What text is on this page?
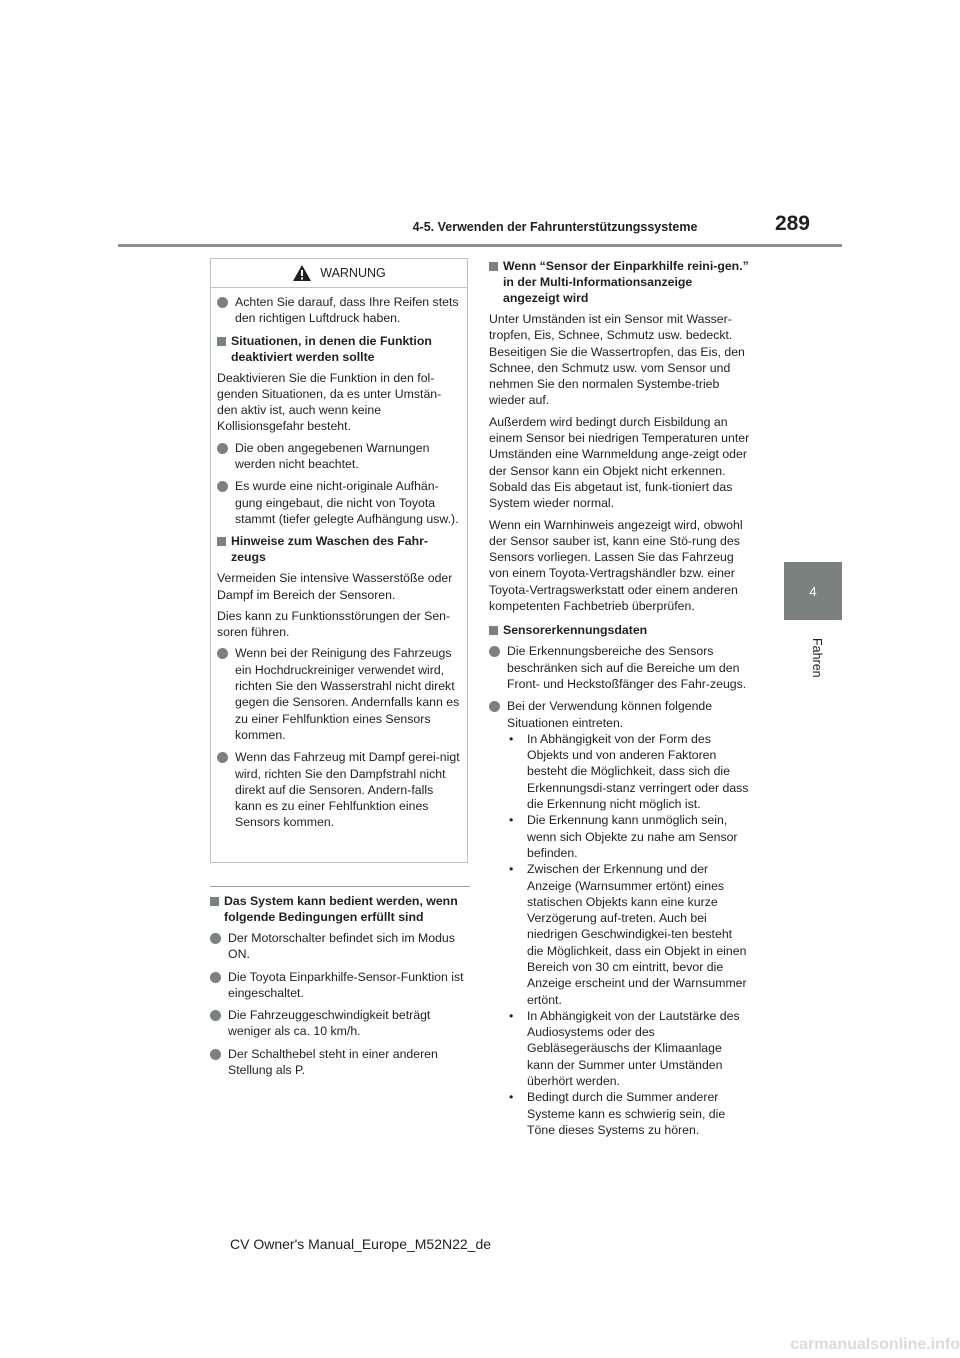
4-5. Verwenden der Fahrunterstützungssysteme	289
4
Fahren
WARNUNG
Achten Sie darauf, dass Ihre Reifen stets den richtigen Luftdruck haben.
Situationen, in denen die Funktion deaktiviert werden sollte

Deaktivieren Sie die Funktion in den fol-genden Situationen, da es unter Umstän-den aktiv ist, auch wenn keine Kollisionsgefahr besteht.

Die oben angegebenen Warnungen werden nicht beachtet.
Es wurde eine nicht-originale Aufhän-gung eingebaut, die nicht von Toyota stammt (tiefer gelegte Aufhängung usw.).
Hinweise zum Waschen des Fahr-zeugs

Vermeiden Sie intensive Wasserstöße oder Dampf im Bereich der Sensoren.

Dies kann zu Funktionsstörungen der Sen-soren führen.

Wenn bei der Reinigung des Fahrzeugs ein Hochdruckreiniger verwendet wird, richten Sie den Wasserstrahl nicht direkt gegen die Sensoren. Andernfalls kann es zu einer Fehlfunktion eines Sensors kommen.
Wenn das Fahrzeug mit Dampf gerei-nigt wird, richten Sie den Dampfstrahl nicht direkt auf die Sensoren. Andern-falls kann es zu einer Fehlfunktion eines Sensors kommen.
Das System kann bedient werden, wenn folgende Bedingungen erfüllt sind
Der Motorschalter befindet sich im Modus ON.
Die Toyota Einparkhilfe-Sensor-Funktion ist eingeschaltet.
Die Fahrzeuggeschwindigkeit beträgt weniger als ca. 10 km/h.
Der Schalthebel steht in einer anderen Stellung als P.
Wenn “Sensor der Einparkhilfe reini-gen.” in der Multi-Informationsanzeige angezeigt wird

Unter Umständen ist ein Sensor mit Wasser-tropfen, Eis, Schnee, Schmutz usw. bedeckt. Beseitigen Sie die Wassertropfen, das Eis, den Schnee, den Schmutz usw. vom Sensor und nehmen Sie den normalen Systembe-trieb wieder auf.

Außerdem wird bedingt durch Eisbildung an einem Sensor bei niedrigen Temperaturen unter Umständen eine Warnmeldung ange-zeigt oder der Sensor kann ein Objekt nicht erkennen. Sobald das Eis abgetaut ist, funk-tioniert das System wieder normal.

Wenn ein Warnhinweis angezeigt wird, obwohl der Sensor sauber ist, kann eine Stö-rung des Sensors vorliegen. Lassen Sie das Fahrzeug von einem Toyota-Vertragshändler bzw. einer Toyota-Vertragswerkstatt oder einem anderen kompetenten Fachbetrieb überprüfen.

Sensorerkennungsdaten
Die Erkennungsbereiche des Sensors beschränken sich auf die Bereiche um den Front- und Heckstoßfänger des Fahr-zeugs.
Bei der Verwendung können folgende Situationen eintreten.
•	In Abhängigkeit von der Form des Objekts und von anderen Faktoren besteht die Möglichkeit, dass sich die Erkennungsdi-stanz verringert oder dass die Erkennung nicht möglich ist.
•	Die Erkennung kann unmöglich sein, wenn sich Objekte zu nahe am Sensor befinden.
•	Zwischen der Erkennung und der Anzeige (Warnsummer ertönt) eines statischen Objekts kann eine kurze Verzögerung auf-treten. Auch bei niedrigen Geschwindigkei-ten besteht die Möglichkeit, dass ein Objekt in einen Bereich von 30 cm eintritt, bevor die Anzeige erscheint und der Warnsummer ertönt.
•	In Abhängigkeit von der Lautstärke des Audiosystems oder des Gebläsegeräuschs der Klimaanlage kann der Summer unter Umständen überhört werden.
•	Bedingt durch die Summer anderer Systeme kann es schwierig sein, die Töne dieses Systems zu hören.
CV Owner's Manual_Europe_M52N22_de
carmanualsonline.info
